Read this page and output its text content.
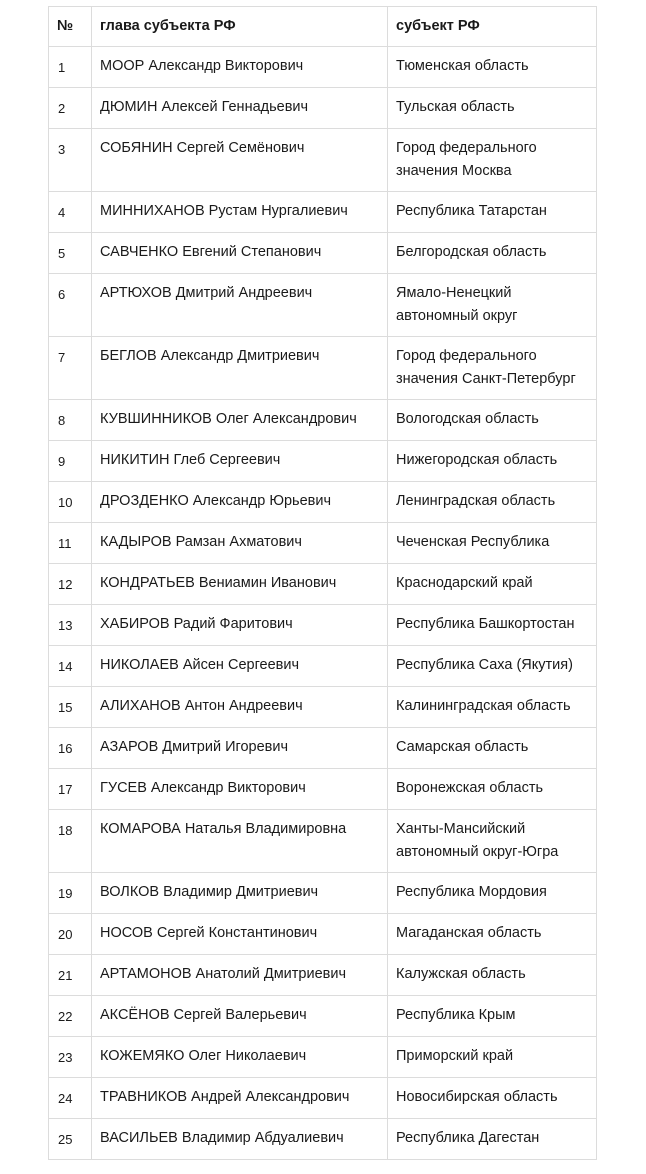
№	глава субъекта РФ	субъект РФ
1	МООР Александр Викторович	Тюменская область
2	ДЮМИН Алексей Геннадьевич	Тульская область
3	СОБЯНИН Сергей Семёнович	Город федерального значения Москва
4	МИННИХАНОВ Рустам Нургалиевич	Республика Татарстан
5	САВЧЕНКО Евгений Степанович	Белгородская область
6	АРТЮХОВ Дмитрий Андреевич	Ямало-Ненецкий автономный округ
7	БЕГЛОВ Александр Дмитриевич	Город федерального значения Санкт-Петербург
8	КУВШИННИКОВ Олег Александрович	Вологодская область
9	НИКИТИН Глеб Сергеевич	Нижегородская область
10	ДРОЗДЕНКО Александр Юрьевич	Ленинградская область
11	КАДЫРОВ Рамзан Ахматович	Чеченская Республика
12	КОНДРАТЬЕВ Вениамин Иванович	Краснодарский край
13	ХАБИРОВ Радий Фаритович	Республика Башкортостан
14	НИКОЛАЕВ Айсен Сергеевич	Республика Саха (Якутия)
15	АЛИХАНОВ Антон Андреевич	Калининградская область
16	АЗАРОВ Дмитрий Игоревич	Самарская область
17	ГУСЕВ Александр Викторович	Воронежская область
18	КОМАРОВА Наталья Владимировна	Ханты-Мансийский автономный округ-Югра
19	ВОЛКОВ Владимир Дмитриевич	Республика Мордовия
20	НОСОВ Сергей Константинович	Магаданская область
21	АРТАМОНОВ Анатолий Дмитриевич	Калужская область
22	АКСЁНОВ Сергей Валерьевич	Республика Крым
23	КОЖЕМЯКО Олег Николаевич	Приморский край
24	ТРАВНИКОВ Андрей Александрович	Новосибирская область
25	ВАСИЛЬЕВ Владимир Абдуалиевич	Республика Дагестан
